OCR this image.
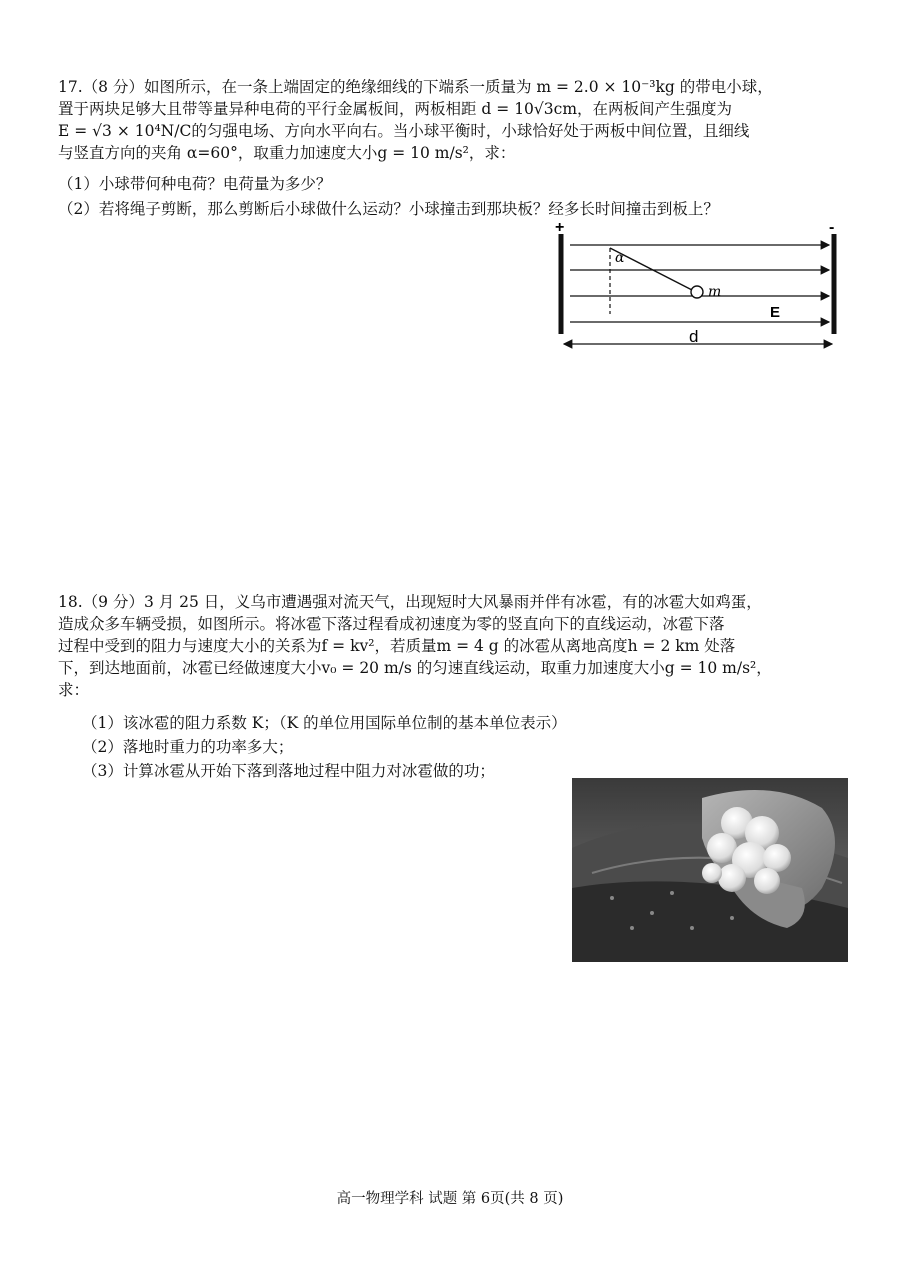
17.（8 分）如图所示，在一条上端固定的绝缘细线的下端系一质量为 m = 2.0 × 10⁻³kg 的带电小球，
置于两块足够大且带等量异种电荷的平行金属板间，两板相距 d = 10√3cm，在两板间产生强度为
E = √3 × 10⁴N/C的匀强电场、方向水平向右。当小球平衡时，小球恰好处于两板中间位置，且细线
与竖直方向的夹角 α=60°，取重力加速度大小g = 10 m/s²，求：
（1）小球带何种电荷？电荷量为多少？
（2）若将绳子剪断，那么剪断后小球做什么运动？小球撞击到那块板？经多长时间撞击到板上？
+	-
α
m
E
d
18.（9 分）3 月 25 日，义乌市遭遇强对流天气，出现短时大风暴雨并伴有冰雹，有的冰雹大如鸡蛋，
造成众多车辆受损，如图所示。将冰雹下落过程看成初速度为零的竖直向下的直线运动，冰雹下落
过程中受到的阻力与速度大小的关系为f = kv²，若质量m = 4 g 的冰雹从离地高度h = 2 km 处落
下，到达地面前，冰雹已经做速度大小v₀ = 20 m/s 的匀速直线运动，取重力加速度大小g = 10 m/s²，
求：
（1）该冰雹的阻力系数 K；（K 的单位用国际单位制的基本单位表示）
（2）落地时重力的功率多大；
（3）计算冰雹从开始下落到落地过程中阻力对冰雹做的功；
高一物理学科 试题 第 6页(共 8 页)
